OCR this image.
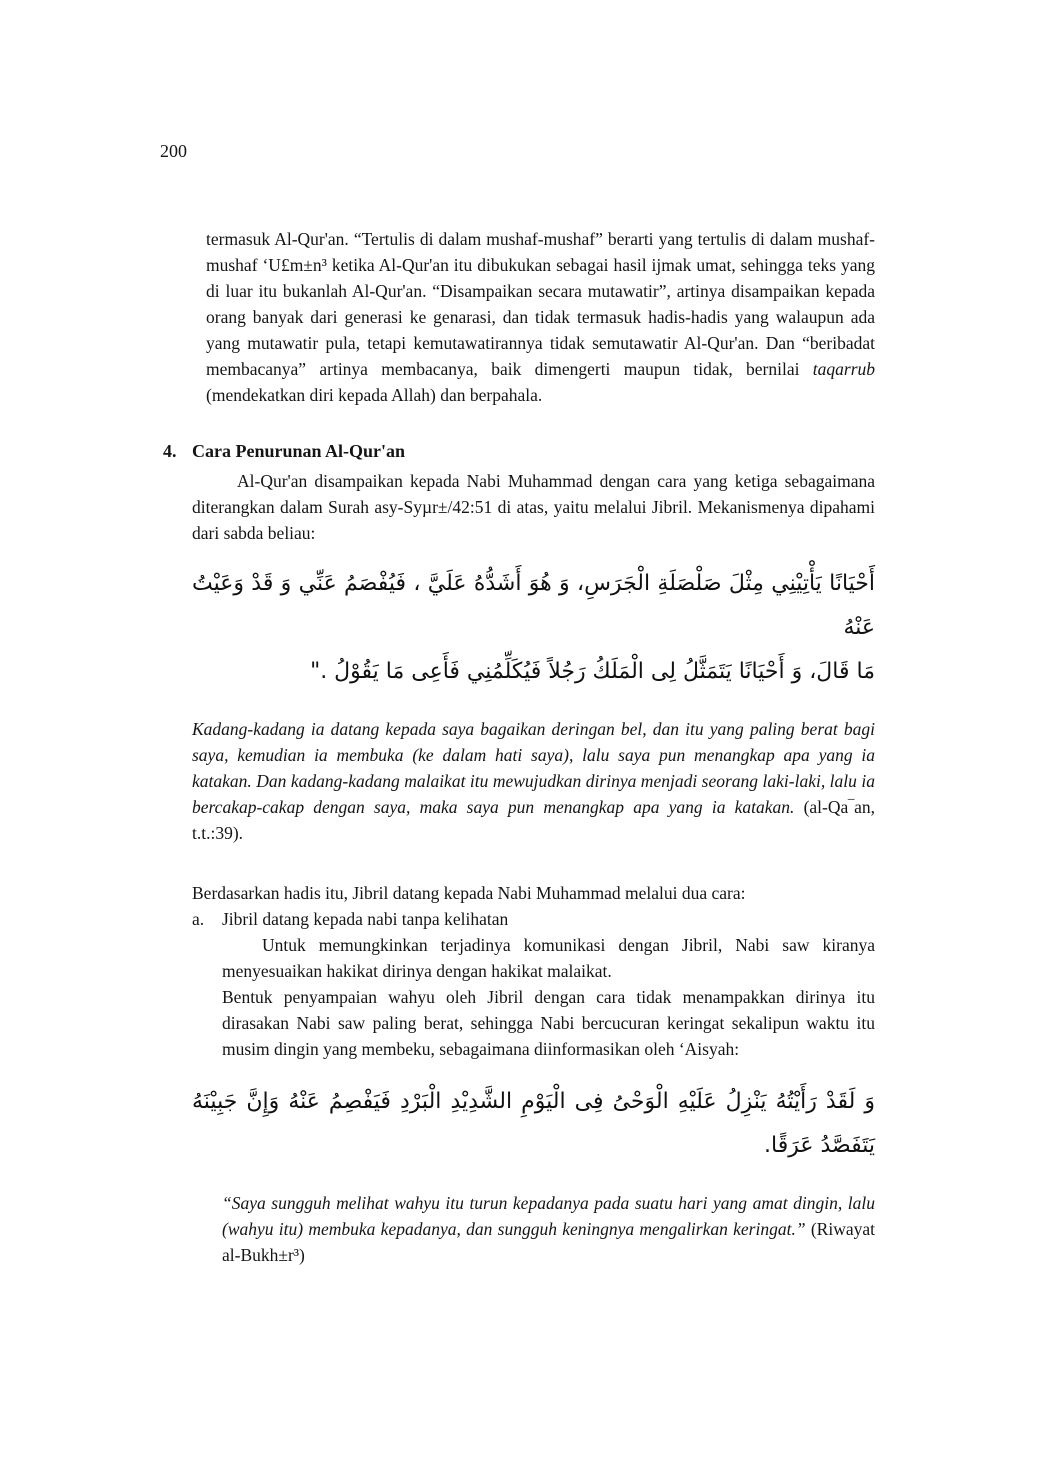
200

termasuk Al-Qur'an. “Tertulis di dalam mushaf-mushaf” berarti yang tertulis di dalam mushaf-mushaf ‘U£m±n³ ketika Al-Qur'an itu dibukukan sebagai hasil ijmak umat, sehingga teks yang di luar itu bukanlah Al-Qur'an. “Disampaikan secara mutawatir”, artinya disampaikan kepada orang banyak dari generasi ke genarasi, dan tidak termasuk hadis-hadis yang walaupun ada yang mutawatir pula, tetapi kemutawatirannya tidak semutawatir Al-Qur'an. Dan “beribadat membacanya” artinya membacanya, baik dimengerti maupun tidak, bernilai taqarrub (mendekatkan diri kepada Allah) dan berpahala.

4. Cara Penurunan Al-Qur'an

Al-Qur'an disampaikan kepada Nabi Muhammad dengan cara yang ketiga sebagaimana diterangkan dalam Surah asy-Syµr±/42:51 di atas, yaitu melalui Jibril. Mekanismenya dipahami dari sabda beliau:

أَحْيَانًا يَأْتِيْنِي مِثْلَ صَلْصَلَةِ الْجَرَسِ، وَ هُوَ أَشَدُّهُ عَلَيَّ ، فَيُفْصَمُ عَنِّي وَ قَدْ وَعَيْتُ عَنْهُ
مَا قَالَ، وَ أَحْيَانًا يَتَمَثَّلُ لِى الْمَلَكُ رَجُلاً فَيُكَلِّمُنِي فَأَعِى مَا يَقُوْلُ ."

Kadang-kadang ia datang kepada saya bagaikan deringan bel, dan itu yang paling berat bagi saya, kemudian ia membuka (ke dalam hati saya), lalu saya pun menangkap apa yang ia katakan. Dan kadang-kadang malaikat itu mewujudkan dirinya menjadi seorang laki-laki, lalu ia bercakap-cakap dengan saya, maka saya pun menangkap apa yang ia katakan. (al-Qa‾an, t.t.:39).

Berdasarkan hadis itu, Jibril datang kepada Nabi Muhammad melalui dua cara:

a.	Jibril datang kepada nabi tanpa kelihatan

Untuk memungkinkan terjadinya komunikasi dengan Jibril, Nabi saw kiranya menyesuaikan hakikat dirinya dengan hakikat malaikat.

Bentuk penyampaian wahyu oleh Jibril dengan cara tidak menampakkan dirinya itu dirasakan Nabi saw paling berat, sehingga Nabi bercucuran keringat sekalipun waktu itu musim dingin yang membeku, sebagaimana diinformasikan oleh ‘Aisyah:

وَ لَقَدْ رَأَيْتُهُ يَنْزِلُ عَلَيْهِ الْوَحْىُ فِى الْيَوْمِ الشَّدِيْدِ الْبَرْدِ فَيَفْصِمُ عَنْهُ وَإِنَّ جَبِيْنَهُ
يَتَفَصَّدُ عَرَقًا.

“Saya sungguh melihat wahyu itu turun kepadanya pada suatu hari yang amat dingin, lalu (wahyu itu) membuka kepadanya, dan sungguh keningnya mengalirkan keringat.” (Riwayat al-Bukh±r³)
